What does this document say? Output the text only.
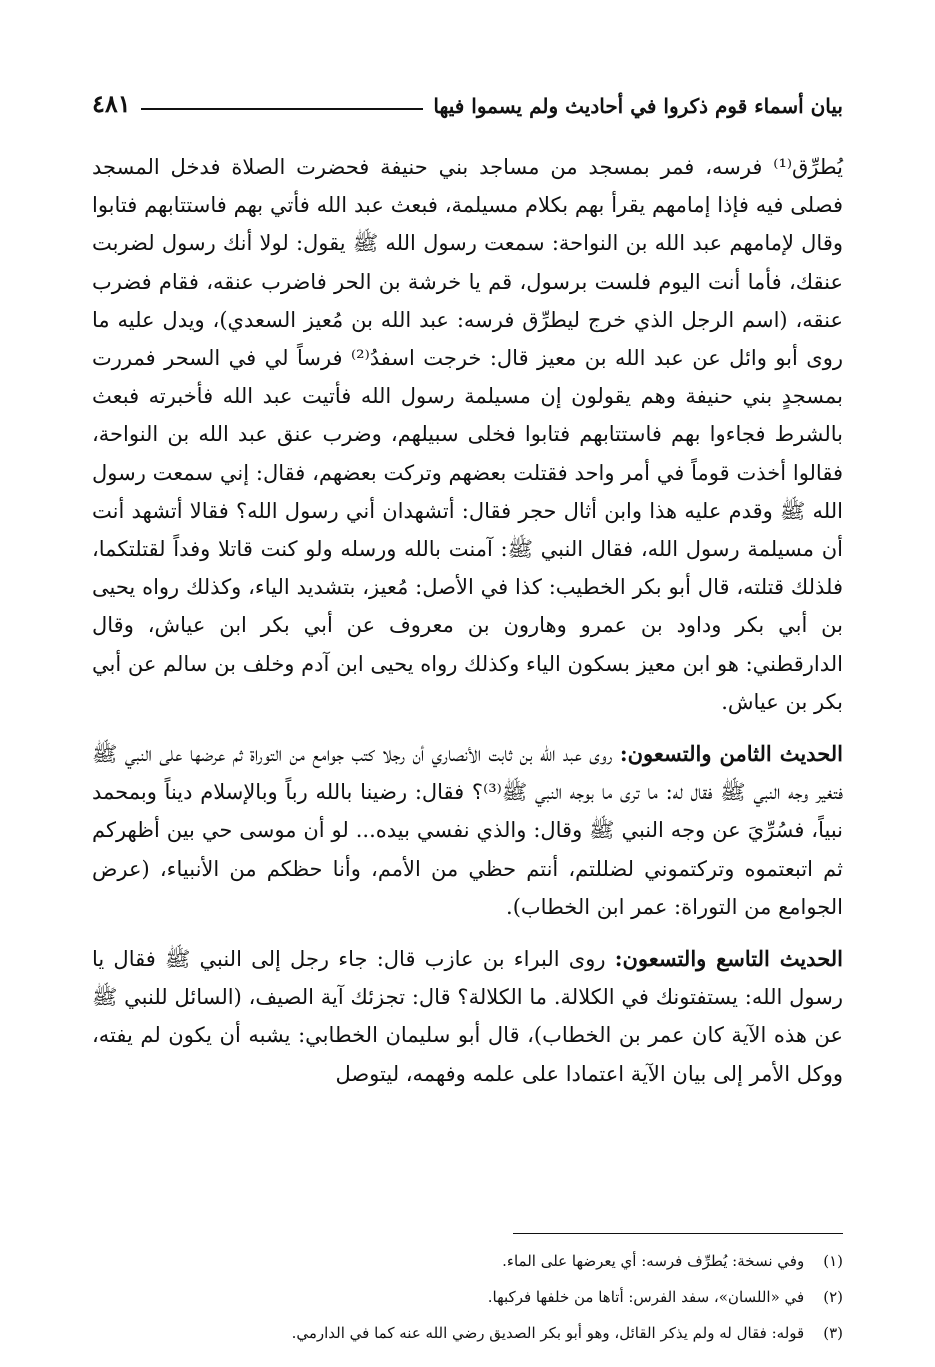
بيان أسماء قوم ذكروا في أحاديث ولم يسموا فيها
٤٨١

يُطرِّق⁽¹⁾ فرسه، فمر بمسجد من مساجد بني حنيفة فحضرت الصلاة فدخل المسجد فصلى فيه فإذا إمامهم يقرأ بهم بكلام مسيلمة، فبعث عبد الله فأتي بهم فاستتابهم فتابوا وقال لإمامهم عبد الله بن النواحة: سمعت رسول الله ﷺ يقول: لولا أنك رسول لضربت عنقك، فأما أنت اليوم فلست برسول، قم يا خرشة بن الحر فاضرب عنقه، فقام فضرب عنقه، (اسم الرجل الذي خرج ليطرِّق فرسه: عبد الله بن مُعيز السعدي)، ويدل عليه ما روى أبو وائل عن عبد الله بن معيز قال: خرجت اسفدُ⁽²⁾ فرساً لي في السحر فمررت بمسجدٍ بني حنيفة وهم يقولون إن مسيلمة رسول الله فأتيت عبد الله فأخبرته فبعث بالشرط فجاءوا بهم فاستتابهم فتابوا فخلى سبيلهم، وضرب عنق عبد الله بن النواحة، فقالوا أخذت قوماً في أمر واحد فقتلت بعضهم وتركت بعضهم، فقال: إني سمعت رسول الله ﷺ وقدم عليه هذا وابن أثال حجر فقال: أتشهدان أني رسول الله؟ فقالا أتشهد أنت أن مسيلمة رسول الله، فقال النبي ﷺ: آمنت بالله ورسله ولو كنت قاتلا وفداً لقتلتكما، فلذلك قتلته، قال أبو بكر الخطيب: كذا في الأصل: مُعيز، بتشديد الياء، وكذلك رواه يحيى بن أبي بكر وداود بن عمرو وهارون بن معروف عن أبي بكر ابن عياش، وقال الدارقطني: هو ابن معيز بسكون الياء وكذلك رواه يحيى ابن آدم وخلف بن سالم عن أبي بكر بن عياش.

الحديث الثامن والتسعون: روى عبد الله بن ثابت الأنصاري أن رجلا كتب جوامع من التوراة ثم عرضها على النبي ﷺ فتغير وجه النبي ﷺ فقال له: ما ترى ما بوجه النبي ﷺ⁽³⁾؟ فقال: رضينا بالله رباً وبالإسلام ديناً وبمحمد نبياً، فسُرِّيَ عن وجه النبي ﷺ وقال: والذي نفسي بيده... لو أن موسى حي بين أظهركم ثم اتبعتموه وتركتموني لضللتم، أنتم حظي من الأمم، وأنا حظكم من الأنبياء، (عرض الجوامع من التوراة: عمر ابن الخطاب).

الحديث التاسع والتسعون: روى البراء بن عازب قال: جاء رجل إلى النبي ﷺ فقال يا رسول الله: يستفتونك في الكلالة. ما الكلالة؟ قال: تجزئك آية الصيف، (السائل للنبي ﷺ عن هذه الآية كان عمر بن الخطاب)، قال أبو سليمان الخطابي: يشبه أن يكون لم يفته، ووكل الأمر إلى بيان الآية اعتمادا على علمه وفهمه، ليتوصل

(١) وفي نسخة: يُطرِّف فرسه: أي يعرضها على الماء.
(٢) في «اللسان»، سفد الفرس: أتاها من خلفها فركبها.
(٣) قوله: فقال له ولم يذكر القائل، وهو أبو بكر الصديق رضي الله عنه كما في الدارمي.
